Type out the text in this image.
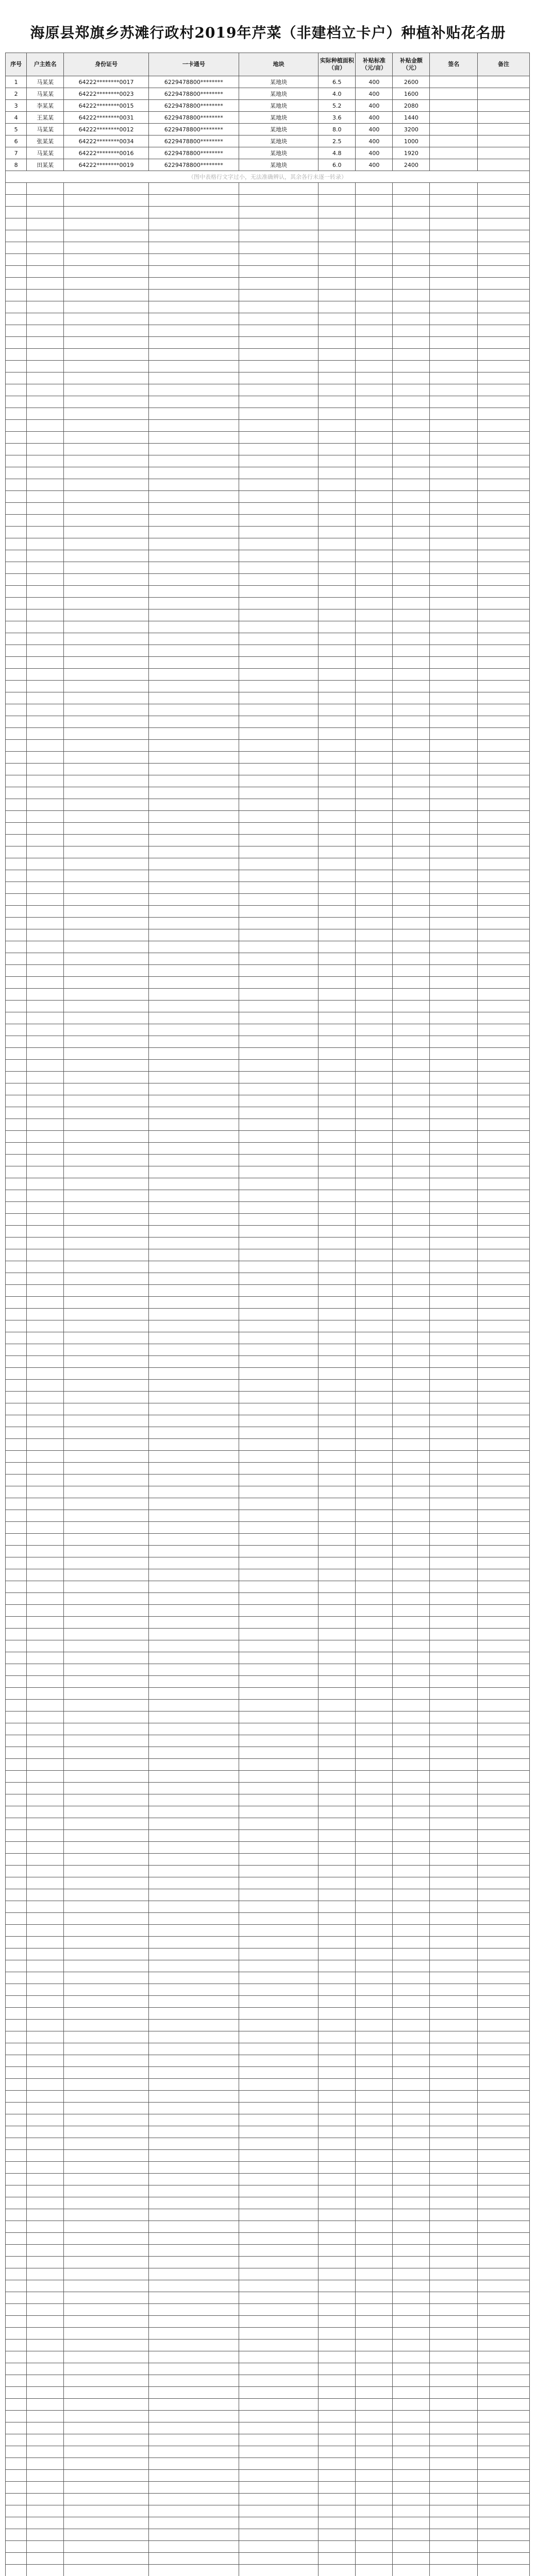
海原县郑旗乡苏滩行政村2019年芹菜（非建档立卡户）种植补贴花名册
序号	户主姓名	身份证号	一卡通号	地块	实际种植面积（亩）	补贴标准（元/亩）	补贴金额（元）	签名	备注
1	马某某	64222********0017	6229478800********	某地块	6.5	400	2600		
2	马某某	64222********0023	6229478800********	某地块	4.0	400	1600		
3	李某某	64222********0015	6229478800********	某地块	5.2	400	2080		
4	王某某	64222********0031	6229478800********	某地块	3.6	400	1440		
5	马某某	64222********0012	6229478800********	某地块	8.0	400	3200		
6	张某某	64222********0034	6229478800********	某地块	2.5	400	1000		
7	马某某	64222********0016	6229478800********	某地块	4.8	400	1920		
8	田某某	64222********0019	6229478800********	某地块	6.0	400	2400		
（图中表格行文字过小，无法准确辨认，其余各行未逐一转录）									
